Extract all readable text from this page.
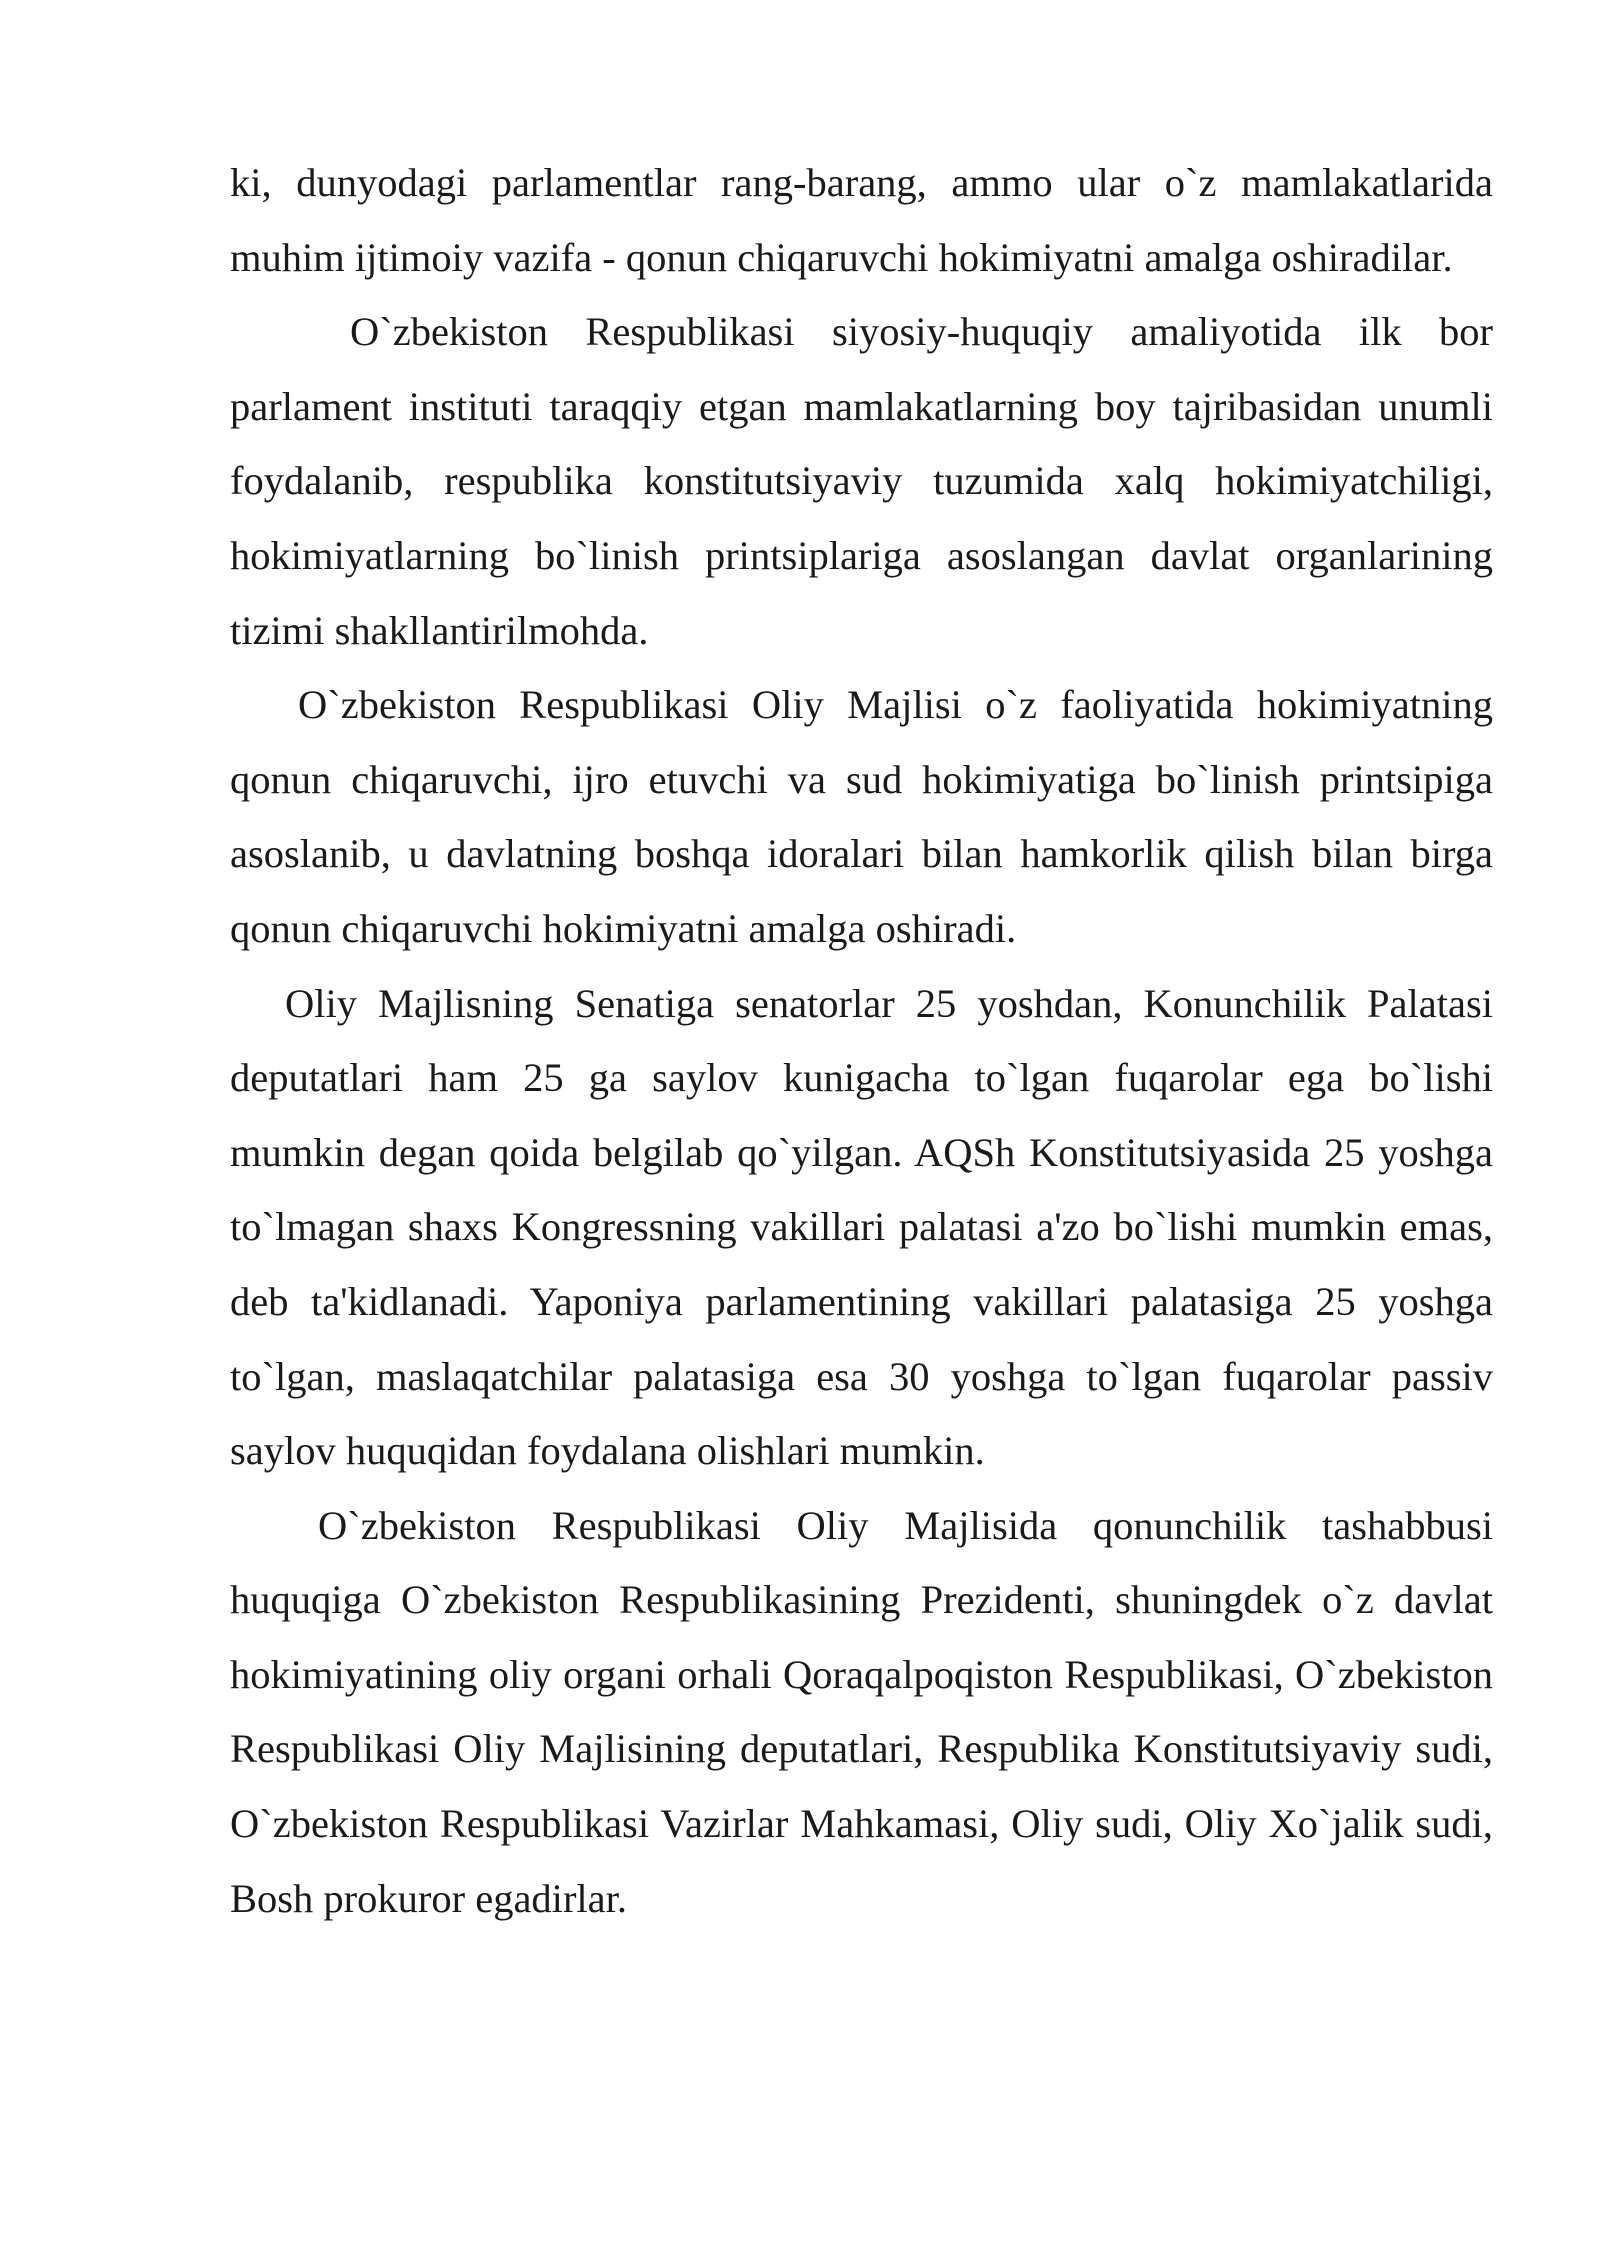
ki, dunyodagi parlamentlar rang-barang, ammo ular o`z mamlakatlarida muhim ijtimoiy vazifa - qonun chiqaruvchi hokimiyatni amalga oshiradilar.

O`zbekiston Respublikasi siyosiy-huquqiy amaliyotida ilk bor parlament instituti taraqqiy etgan mamlakatlarning boy tajribasidan unumli foydalanib, respublika konstitutsiyaviy tuzumida xalq hokimiyatchiligi, hokimiyatlarning bo`linish printsiplariga asoslangan davlat organlarining tizimi shakllantirilmohda.

O`zbekiston Respublikasi Oliy Majlisi o`z faoliyatida hokimiyatning qonun chiqaruvchi, ijro etuvchi va sud hokimiyatiga bo`linish printsipiga asoslanib, u davlatning boshqa idoralari bilan hamkorlik qilish bilan birga qonun chiqaruvchi hokimiyatni amalga oshiradi.

Oliy Majlisning Senatiga senatorlar 25 yoshdan, Konunchilik Palatasi deputatlari ham 25 ga saylov kunigacha to`lgan fuqarolar ega bo`lishi mumkin degan qoida belgilab qo`yilgan. AQSh Konstitutsiyasida 25 yoshga to`lmagan shaxs Kongressning vakillari palatasi a'zo bo`lishi mumkin emas, deb ta'kidlanadi. Yaponiya parlamentining vakillari palatasiga 25 yoshga to`lgan, maslaqatchilar palatasiga esa 30 yoshga to`lgan fuqarolar passiv saylov huquqidan foydalana olishlari mumkin.

O`zbekiston Respublikasi Oliy Majlisida qonunchilik tashabbusi huquqiga O`zbekiston Respublikasining Prezidenti, shuningdek o`z davlat hokimiyatining oliy organi orhali Qoraqalpoqiston Respublikasi, O`zbekiston Respublikasi Oliy Majlisining deputatlari, Respublika Konstitutsiyaviy sudi, O`zbekiston Respublikasi Vazirlar Mahkamasi, Oliy sudi, Oliy Xo`jalik sudi, Bosh prokuror egadirlar.
